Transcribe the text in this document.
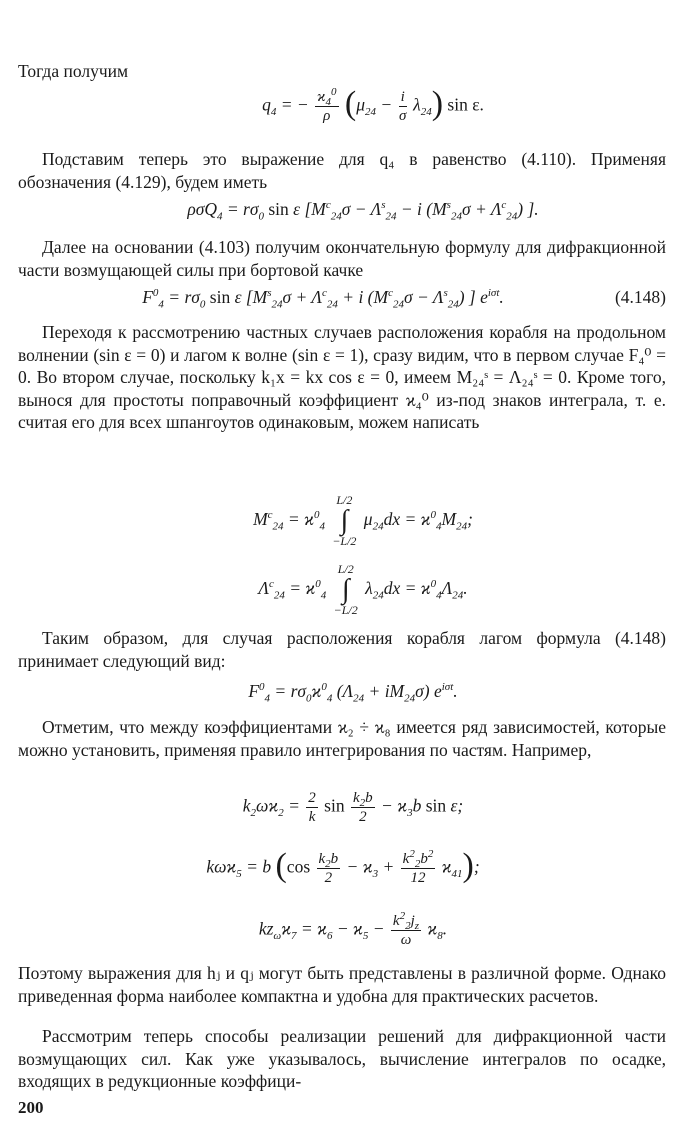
Тогда получим
$q_4$ = − $\frac{ϰ_4^0}{\rho} (\mu_{24} - \frac{i}{\sigma} \lambda_{24})$ sin ε.
Подставим теперь это выражение для q₄ в равенство (4.110). Применяя обозначения (4.129), будем иметь
$\rho\sigma Q_4 = r\sigma_0$ sin ε [$M^c_{24}\sigma - \Lambda^s_{24} - i$ $(M^s_{24}\sigma + \Lambda^c_{24})$ ].
Далее на основании (4.103) получим окончательную формулу для дифракционной части возмущающей силы при бортовой качке
$F^0_4 = r\sigma_0$ sin ε [$M^s_{24}\sigma + \Lambda^c_{24} + i$ $(M^c_{24}\sigma - \Lambda^s_{24})$ ] $e^{i\sigma t}$.	(4.148)
Переходя к рассмотрению частных случаев расположения корабля на продольном волнении (sin ε = 0) и лагом к волне (sin ε = 1), сразу видим, что в первом случае F₄⁰ = 0. Во втором случае, поскольку k₁x = kx cos ε = 0, имеем M₂₄ˢ = Λ₂₄ˢ = 0. Кроме того, вынося для простоты поправочный коэффициент ϰ₄⁰ из-под знаков интеграла, т. е. считая его для всех шпангоутов одинаковым, можем написать
$M^c_{24} = ϰ^0_4$
L/2
∫
−L/2
$\mu_{24}dx = ϰ^0_4M_{24}$;
$\Lambda^c_{24} = ϰ^0_4$
L/2
∫
−L/2
$\lambda_{24}dx = ϰ^0_4\Lambda_{24}$.
Таким образом, для случая расположения корабля лагом формула (4.148) принимает следующий вид:
$F^0_4 = r\sigma_0ϰ^0_4$ $(\Lambda_{24} + iM_{24}\sigma)$ $e^{i\sigma t}$.
Отметим, что между коэффициентами ϰ₂ ÷ ϰ₈ имеется ряд зависимостей, которые можно установить, применяя правило интегрирования по частям. Например,
$k_2\omega ϰ_2 = \frac{2}{k}$ $\sin \frac{k_2b}{2} - ϰ_3b$ sin ε;
kωϰ$_5$ = b $(\cos \frac{k_2b}{2} - ϰ_3 + \frac{k^2_2b^2}{12} ϰ_{41})$;
$kz_\omega ϰ_7 = ϰ_6 - ϰ_5 - \frac{k^2_2j_z}{\omega} ϰ_8$.
Поэтому выражения для hⱼ и qⱼ могут быть представлены в различной форме. Однако приведенная форма наиболее компактна и удобна для практических расчетов.
Рассмотрим теперь способы реализации решений для дифракционной части возмущающих сил. Как уже указывалось, вычисление интегралов по осадке, входящих в редукционные коэффици-
200
